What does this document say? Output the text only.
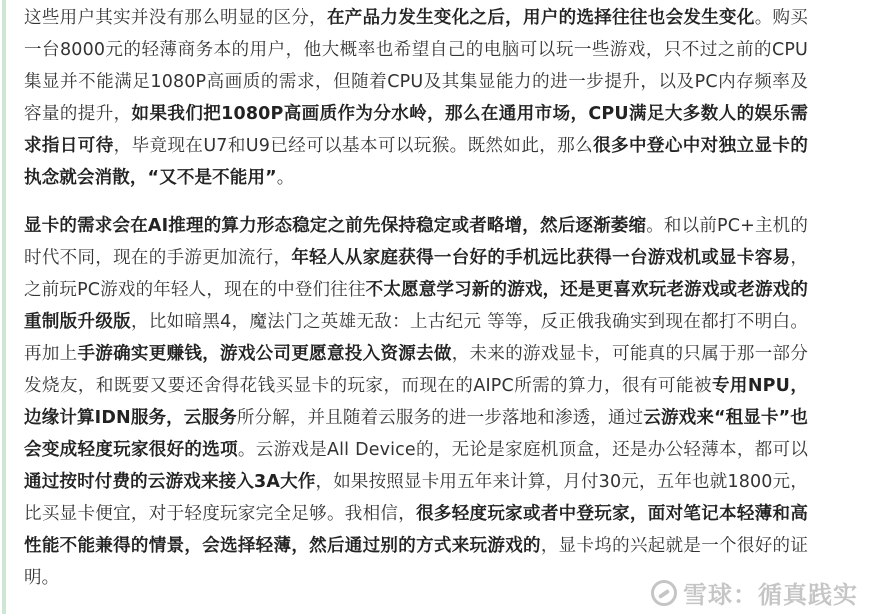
这些用户其实并没有那么明显的区分，在产品力发生变化之后，用户的选择往往也会发生变化。购买一台8000元的轻薄商务本的用户，他大概率也希望自己的电脑可以玩一些游戏，只不过之前的CPU集显并不能满足1080P高画质的需求，但随着CPU及其集显能力的进一步提升，以及PC内存频率及容量的提升，如果我们把1080P高画质作为分水岭，那么在通用市场，CPU满足大多数人的娱乐需求指日可待，毕竟现在U7和U9已经可以基本可以玩猴。既然如此，那么很多中登心中对独立显卡的执念就会消散，“又不是不能用”。

显卡的需求会在AI推理的算力形态稳定之前先保持稳定或者略增，然后逐渐萎缩。和以前PC+主机的时代不同，现在的手游更加流行，年轻人从家庭获得一台好的手机远比获得一台游戏机或显卡容易，之前玩PC游戏的年轻人，现在的中登们往往不太愿意学习新的游戏，还是更喜欢玩老游戏或老游戏的重制版升级版，比如暗黑4，魔法门之英雄无敌：上古纪元 等等，反正俄我确实到现在都打不明白。再加上手游确实更赚钱，游戏公司更愿意投入资源去做，未来的游戏显卡，可能真的只属于那一部分发烧友，和既要又要还舍得花钱买显卡的玩家，而现在的AIPC所需的算力，很有可能被专用NPU，边缘计算IDN服务，云服务所分解，并且随着云服务的进一步落地和渗透，通过云游戏来“租显卡”也会变成轻度玩家很好的选项。云游戏是All Device的，无论是家庭机顶盒，还是办公轻薄本，都可以通过按时付费的云游戏来接入3A大作，如果按照显卡用五年来计算，月付30元，五年也就1800元，比买显卡便宜，对于轻度玩家完全足够。我相信，很多轻度玩家或者中登玩家，面对笔记本轻薄和高性能不能兼得的情景，会选择轻薄，然后通过别的方式来玩游戏的，显卡坞的兴起就是一个很好的证明。

雪球：循真践实
